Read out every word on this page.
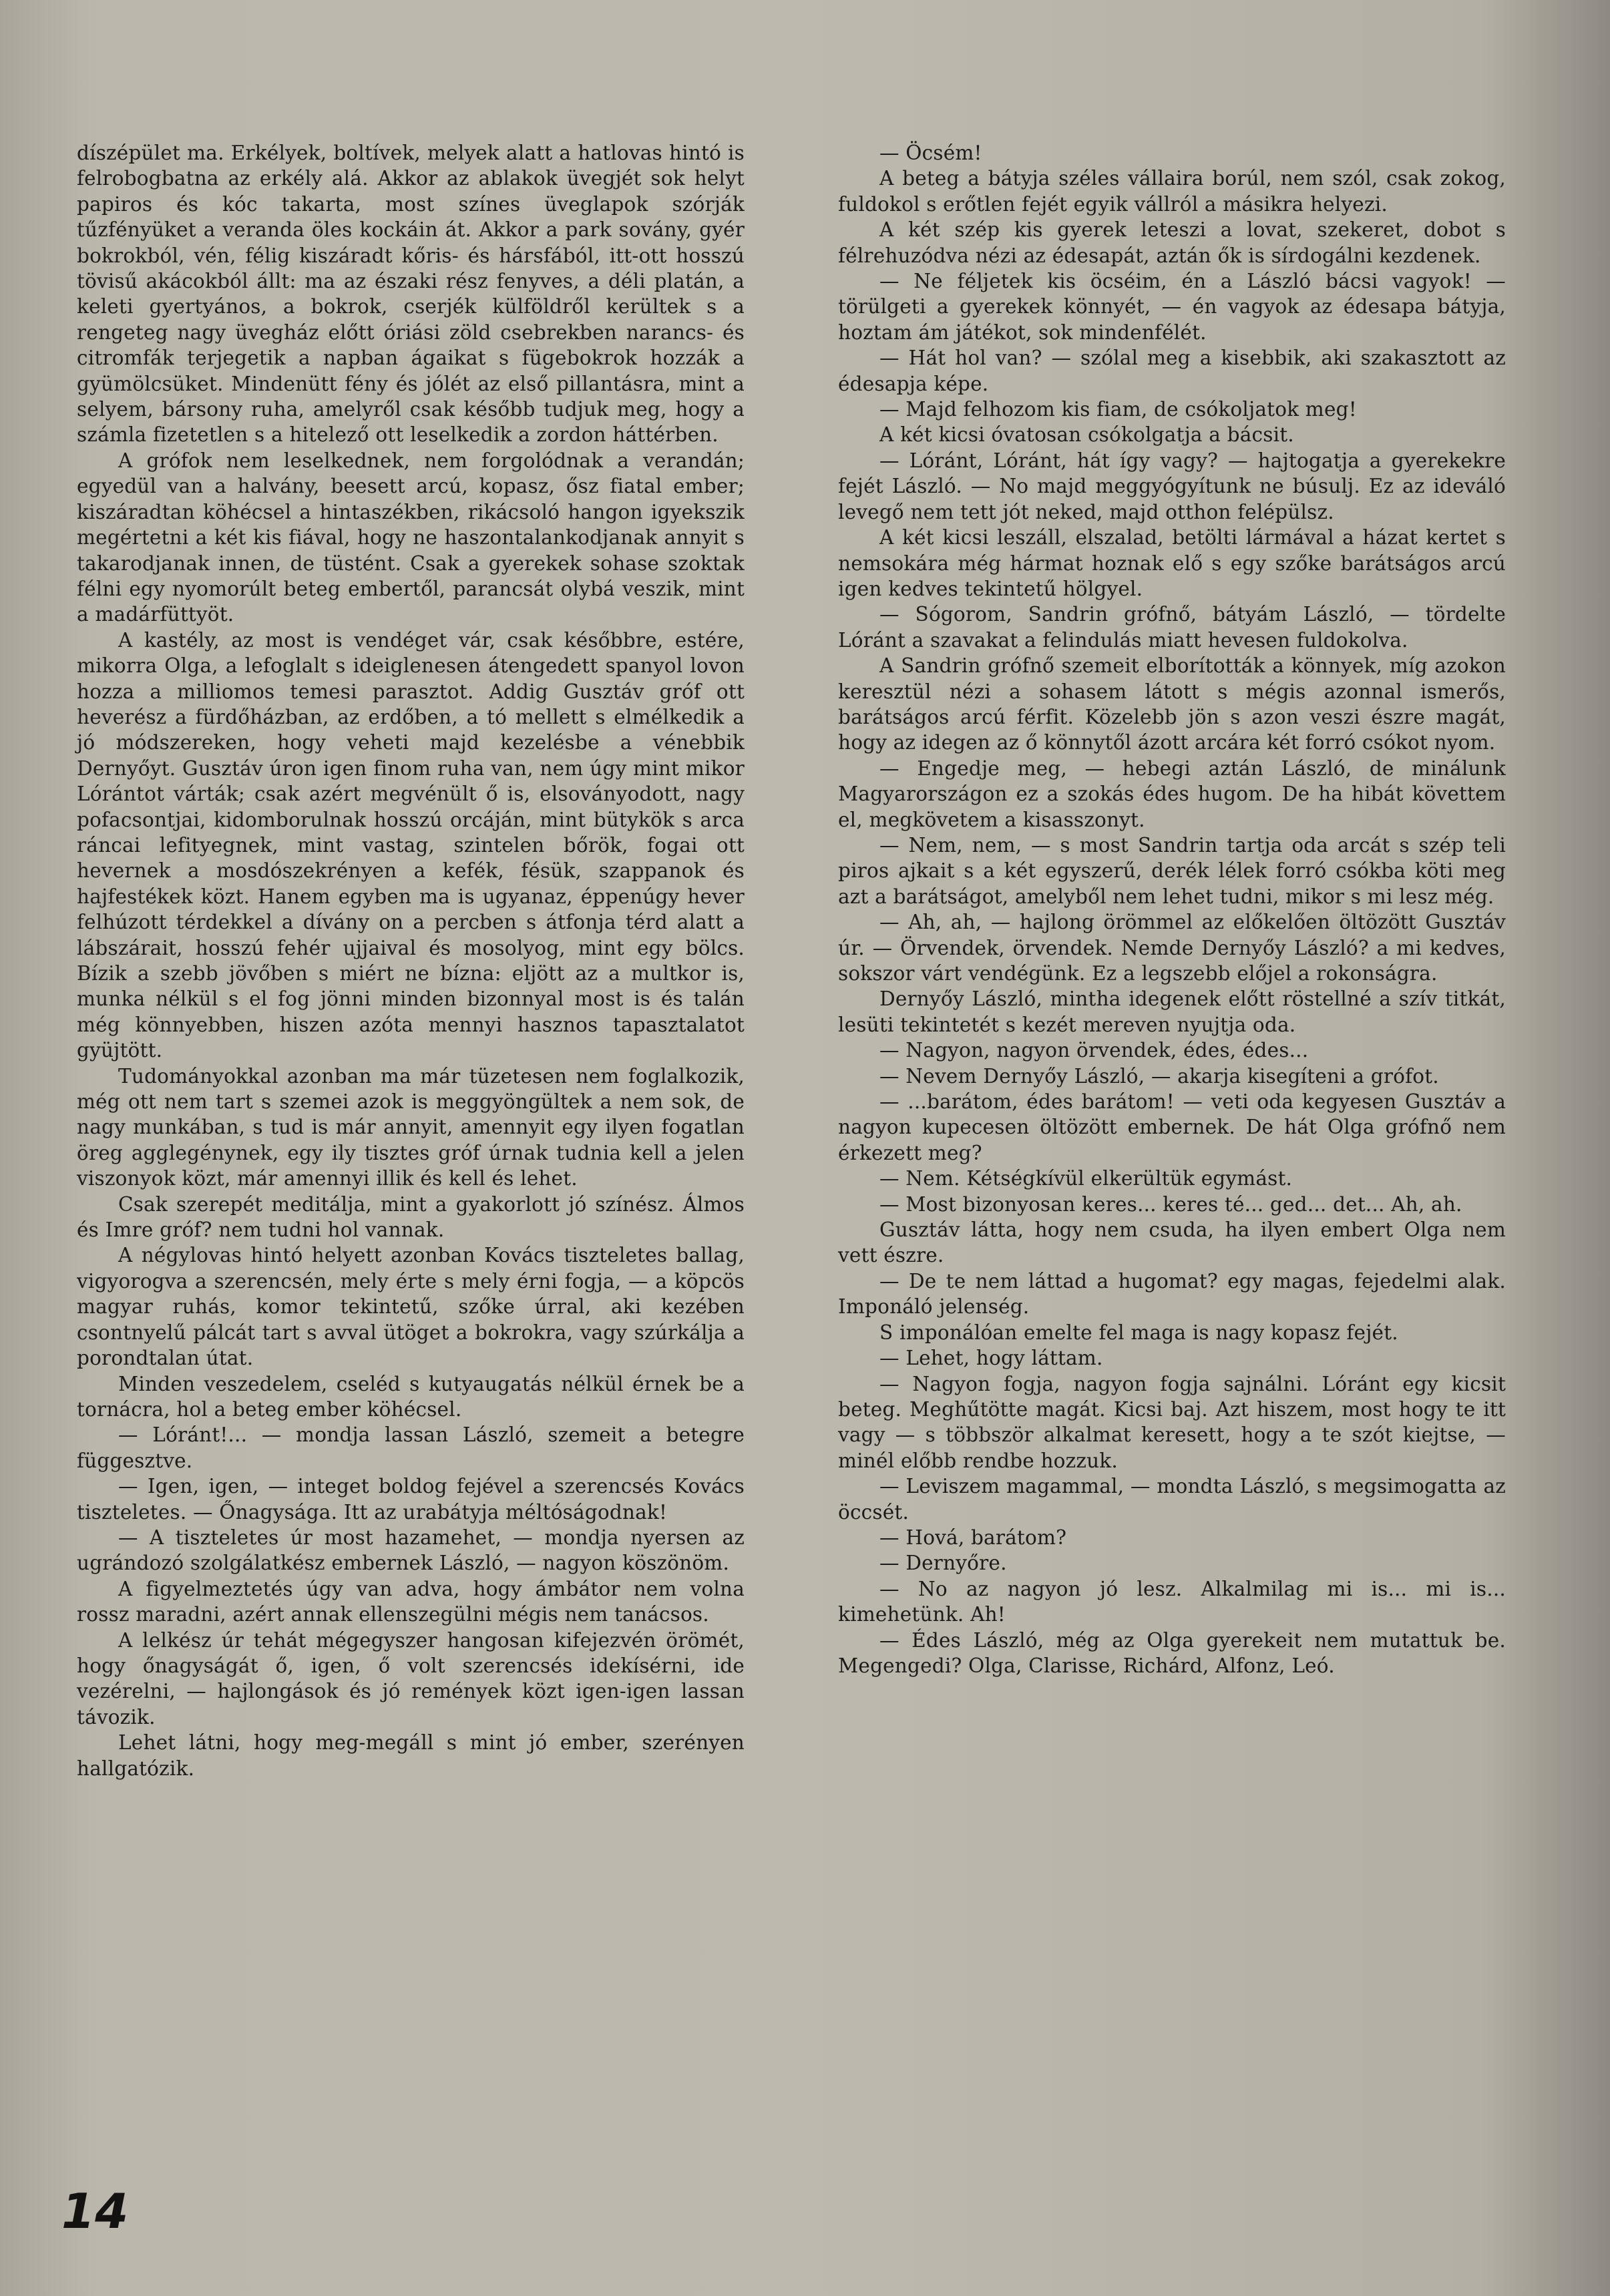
díszépület ma. Erkélyek, boltívek, melyek alatt a hatlovas hintó is felrobogbatna az erkély alá. Akkor az ablakok üvegjét sok helyt papiros és kóc takarta, most színes üveglapok szórják tűzfényüket a veranda öles kockáin át. Akkor a park sovány, gyér bokrokból, vén, félig kiszáradt kőris- és hársfából, itt-ott hosszú tövisű akácokból állt: ma az északi rész fenyves, a déli platán, a keleti gyertyános, a bokrok, cserjék külföldről kerültek s a rengeteg nagy üvegház előtt óriási zöld csebrekben narancs- és citromfák terjegetik a napban ágaikat s fügebokrok hozzák a gyümölcsüket. Mindenütt fény és jólét az első pillantásra, mint a selyem, bársony ruha, amelyről csak később tudjuk meg, hogy a számla fizetetlen s a hitelező ott leselkedik a zordon háttérben.

A grófok nem leselkednek, nem forgolódnak a verandán; egyedül van a halvány, beesett arcú, kopasz, ősz fiatal ember; kiszáradtan köhécsel a hintaszékben, rikácsoló hangon igyekszik megértetni a két kis fiával, hogy ne haszontalankodjanak annyit s takarodjanak innen, de tüstént. Csak a gyerekek sohase szoktak félni egy nyomorúlt beteg embertől, parancsát olybá veszik, mint a madárfüttyöt.

A kastély, az most is vendéget vár, csak későbbre, estére, mikorra Olga, a lefoglalt s ideiglenesen átengedett spanyol lovon hozza a milliomos temesi parasztot. Addig Gusztáv gróf ott heverész a fürdőházban, az erdőben, a tó mellett s elmélkedik a jó módszereken, hogy veheti majd kezelésbe a vénebbik Dernyőyt. Gusztáv úron igen finom ruha van, nem úgy mint mikor Lórántot várták; csak azért megvénült ő is, elsoványodott, nagy pofacsontjai, kidomborulnak hosszú orcáján, mint bütykök s arca ráncai lefityegnek, mint vastag, szintelen bőrök, fogai ott hevernek a mosdószekrényen a kefék, fésük, szappanok és hajfestékek közt. Hanem egyben ma is ugyanaz, éppenúgy hever felhúzott térdekkel a dívány on a percben s átfonja térd alatt a lábszárait, hosszú fehér ujjaival és mosolyog, mint egy bölcs. Bízik a szebb jövőben s miért ne bízna: eljött az a multkor is, munka nélkül s el fog jönni minden bizonnyal most is és talán még könnyebben, hiszen azóta mennyi hasznos tapasztalatot gyüjtött.

Tudományokkal azonban ma már tüzetesen nem foglalkozik, még ott nem tart s szemei azok is meggyöngültek a nem sok, de nagy munkában, s tud is már annyit, amennyit egy ilyen fogatlan öreg agglegénynek, egy ily tisztes gróf úrnak tudnia kell a jelen viszonyok közt, már amennyi illik és kell és lehet.

Csak szerepét meditálja, mint a gyakorlott jó színész. Álmos és Imre gróf? nem tudni hol vannak.

A négylovas hintó helyett azonban Kovács tiszteletes ballag, vigyorogva a szerencsén, mely érte s mely érni fogja, — a köpcös magyar ruhás, komor tekintetű, szőke úrral, aki kezében csontnyelű pálcát tart s avval ütöget a bokrokra, vagy szúrkálja a porondtalan útat.

Minden veszedelem, cseléd s kutyaugatás nélkül érnek be a tornácra, hol a beteg ember köhécsel.

— Lóránt!... — mondja lassan László, szemeit a betegre függesztve.

— Igen, igen, — integet boldog fejével a szerencsés Kovács tiszteletes. — Őnagysága. Itt az urabátyja méltóságodnak!

— A tiszteletes úr most hazamehet, — mondja nyersen az ugrándozó szolgálatkész embernek László, — nagyon köszönöm.

A figyelmeztetés úgy van adva, hogy ámbátor nem volna rossz maradni, azért annak ellenszegülni mégis nem tanácsos.

A lelkész úr tehát mégegyszer hangosan kifejezvén örömét, hogy őnagyságát ő, igen, ő volt szerencsés idekísérni, ide vezérelni, — hajlongások és jó remények közt igen-igen lassan távozik.

Lehet látni, hogy meg-megáll s mint jó ember, szerényen hallgatózik.

— Öcsém!

A beteg a bátyja széles vállaira borúl, nem szól, csak zokog, fuldokol s erőtlen fejét egyik vállról a másikra helyezi.

A két szép kis gyerek leteszi a lovat, szekeret, dobot s félrehuzódva nézi az édesapát, aztán ők is sírdogálni kezdenek.

— Ne féljetek kis öcséim, én a László bácsi vagyok! — törülgeti a gyerekek könnyét, — én vagyok az édesapa bátyja, hoztam ám játékot, sok mindenfélét.

— Hát hol van? — szólal meg a kisebbik, aki szakasztott az édesapja képe.

— Majd felhozom kis fiam, de csókoljatok meg!

A két kicsi óvatosan csókolgatja a bácsit.

— Lóránt, Lóránt, hát így vagy? — hajtogatja a gyerekekre fejét László. — No majd meggyógyítunk ne búsulj. Ez az ideváló levegő nem tett jót neked, majd otthon felépülsz.

A két kicsi leszáll, elszalad, betölti lármával a házat kertet s nemsokára még hármat hoznak elő s egy szőke barátságos arcú igen kedves tekintetű hölgyel.

— Sógorom, Sandrin grófnő, bátyám László, — tördelte Lóránt a szavakat a felindulás miatt hevesen fuldokolva.

A Sandrin grófnő szemeit elborították a könnyek, míg azokon keresztül nézi a sohasem látott s mégis azonnal ismerős, barátságos arcú férfit. Közelebb jön s azon veszi észre magát, hogy az idegen az ő könnytől ázott arcára két forró csókot nyom.

— Engedje meg, — hebegi aztán László, de minálunk Magyarországon ez a szokás édes hugom. De ha hibát követtem el, megkövetem a kisasszonyt.

— Nem, nem, — s most Sandrin tartja oda arcát s szép teli piros ajkait s a két egyszerű, derék lélek forró csókba köti meg azt a barátságot, amelyből nem lehet tudni, mikor s mi lesz még.

— Ah, ah, — hajlong örömmel az előkelően öltözött Gusztáv úr. — Örvendek, örvendek. Nemde Dernyőy László? a mi kedves, sokszor várt vendégünk. Ez a legszebb előjel a rokonságra.

Dernyőy László, mintha idegenek előtt röstellné a szív titkát, lesüti tekintetét s kezét mereven nyujtja oda.

— Nagyon, nagyon örvendek, édes, édes...

— Nevem Dernyőy László, — akarja kisegíteni a grófot.

— ...barátom, édes barátom! — veti oda kegyesen Gusztáv a nagyon kupecesen öltözött embernek. De hát Olga grófnő nem érkezett meg?

— Nem. Kétségkívül elkerültük egymást.

— Most bizonyosan keres... keres té... ged... det... Ah, ah.

Gusztáv látta, hogy nem csuda, ha ilyen embert Olga nem vett észre.

— De te nem láttad a hugomat? egy magas, fejedelmi alak. Imponáló jelenség.

S imponálóan emelte fel maga is nagy kopasz fejét.

— Lehet, hogy láttam.

— Nagyon fogja, nagyon fogja sajnálni. Lóránt egy kicsit beteg. Meghűtötte magát. Kicsi baj. Azt hiszem, most hogy te itt vagy — s többször alkalmat keresett, hogy a te szót kiejtse, — minél előbb rendbe hozzuk.

— Leviszem magammal, — mondta László, s megsimogatta az öccsét.

— Hová, barátom?

— Dernyőre.

— No az nagyon jó lesz. Alkalmilag mi is... mi is... kimehetünk. Ah!

— Édes László, még az Olga gyerekeit nem mutattuk be. Megengedi? Olga, Clarisse, Richárd, Alfonz, Leó.

14
